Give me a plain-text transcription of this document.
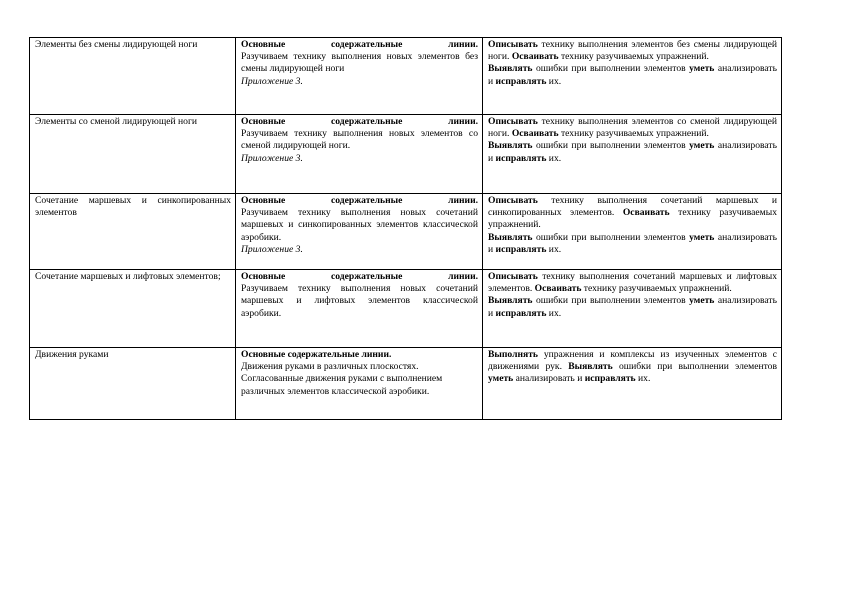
Элементы без смены лидирующей ноги	Основные содержательные линии.
Разучиваем технику выполнения новых элементов без смены лидирующей ноги
Приложение 3.	Описывать технику выполнения элементов без смены лидирующей ноги. Осваивать технику разучиваемых упражнений.
Выявлять ошибки при выполнении элементов уметь анализировать и исправлять их.

Элементы со сменой лидирующей ноги	Основные содержательные линии.
Разучиваем технику выполнения новых элементов со сменой лидирующей ноги.
Приложение 3.	Описывать технику выполнения элементов со сменой лидирующей ноги. Осваивать технику разучиваемых упражнений.
Выявлять ошибки при выполнении элементов уметь анализировать и исправлять их.

Сочетание маршевых и синкопированных элементов	Основные содержательные линии.
Разучиваем технику выполнения новых сочетаний маршевых и синкопированных элементов классической аэробики.
Приложение 3.	Описывать технику выполнения сочетаний маршевых и синкопированных элементов. Осваивать технику разучиваемых упражнений.
Выявлять ошибки при выполнении элементов уметь анализировать и исправлять их.

Сочетание маршевых и лифтовых элементов;	Основные содержательные линии.
Разучиваем технику выполнения новых сочетаний маршевых и лифтовых элементов классической аэробики.	Описывать технику выполнения сочетаний маршевых и лифтовых элементов. Осваивать технику разучиваемых упражнений.
Выявлять ошибки при выполнении элементов уметь анализировать и исправлять их.

Движения руками	Основные содержательные линии.
Движения руками в различных плоскостях.
Согласованные движения руками с выполнением различных элементов классической аэробики.	Выполнять упражнения и комплексы из изученных элементов с движениями рук. Выявлять ошибки при выполнении элементов уметь анализировать и исправлять их.
